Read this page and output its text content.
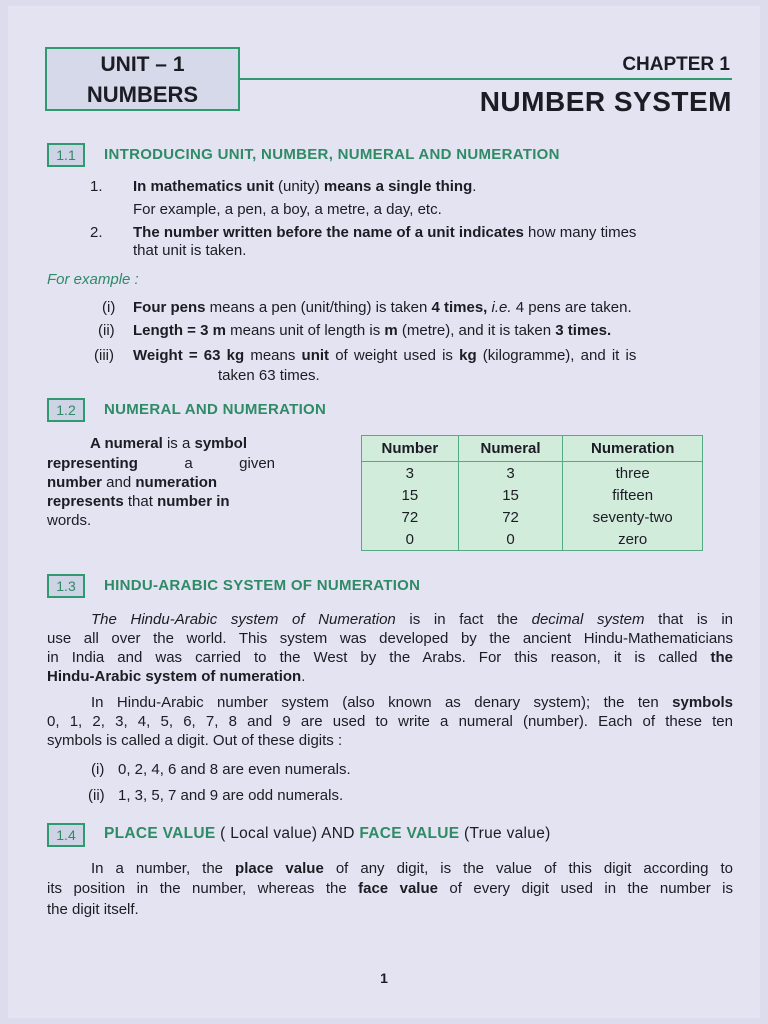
UNIT – 1
NUMBERS
CHAPTER 1
NUMBER SYSTEM
1.1	INTRODUCING UNIT, NUMBER, NUMERAL AND NUMERATION
1. In mathematics unit (unity) means a single thing.
For example, a pen, a boy, a metre, a day, etc.
2. The number written before the name of a unit indicates how many times
that unit is taken.
For example :
(i) Four pens means a pen (unit/thing) is taken 4 times, i.e. 4 pens are taken.
(ii) Length = 3 m means unit of length is m (metre), and it is taken 3 times.
(iii) Weight = 63 kg means unit of weight used is kg (kilogramme), and it is
taken 63 times.
1.2	NUMERAL AND NUMERATION
A numeral is a symbol
representing	a	given
number and numeration
represents that number in
words.
Number	Numeral	Numeration
3	3	three
15	15	fifteen
72	72	seventy-two
0	0	zero
1.3	HINDU-ARABIC SYSTEM OF NUMERATION
The Hindu-Arabic system of Numeration is in fact the decimal system that is in
use all over the world. This system was developed by the ancient Hindu-Mathematicians
in India and was carried to the West by the Arabs. For this reason, it is called the
Hindu-Arabic system of numeration.
In Hindu-Arabic number system (also known as denary system); the ten symbols
0, 1, 2, 3, 4, 5, 6, 7, 8 and 9 are used to write a numeral (number). Each of these ten
symbols is called a digit. Out of these digits :
(i) 0, 2, 4, 6 and 8 are even numerals.
(ii) 1, 3, 5, 7 and 9 are odd numerals.
1.4	PLACE VALUE ( Local value) AND FACE VALUE (True value)
In a number, the place value of any digit, is the value of this digit according to
its position in the number, whereas the face value of every digit used in the number is
the digit itself.
1
